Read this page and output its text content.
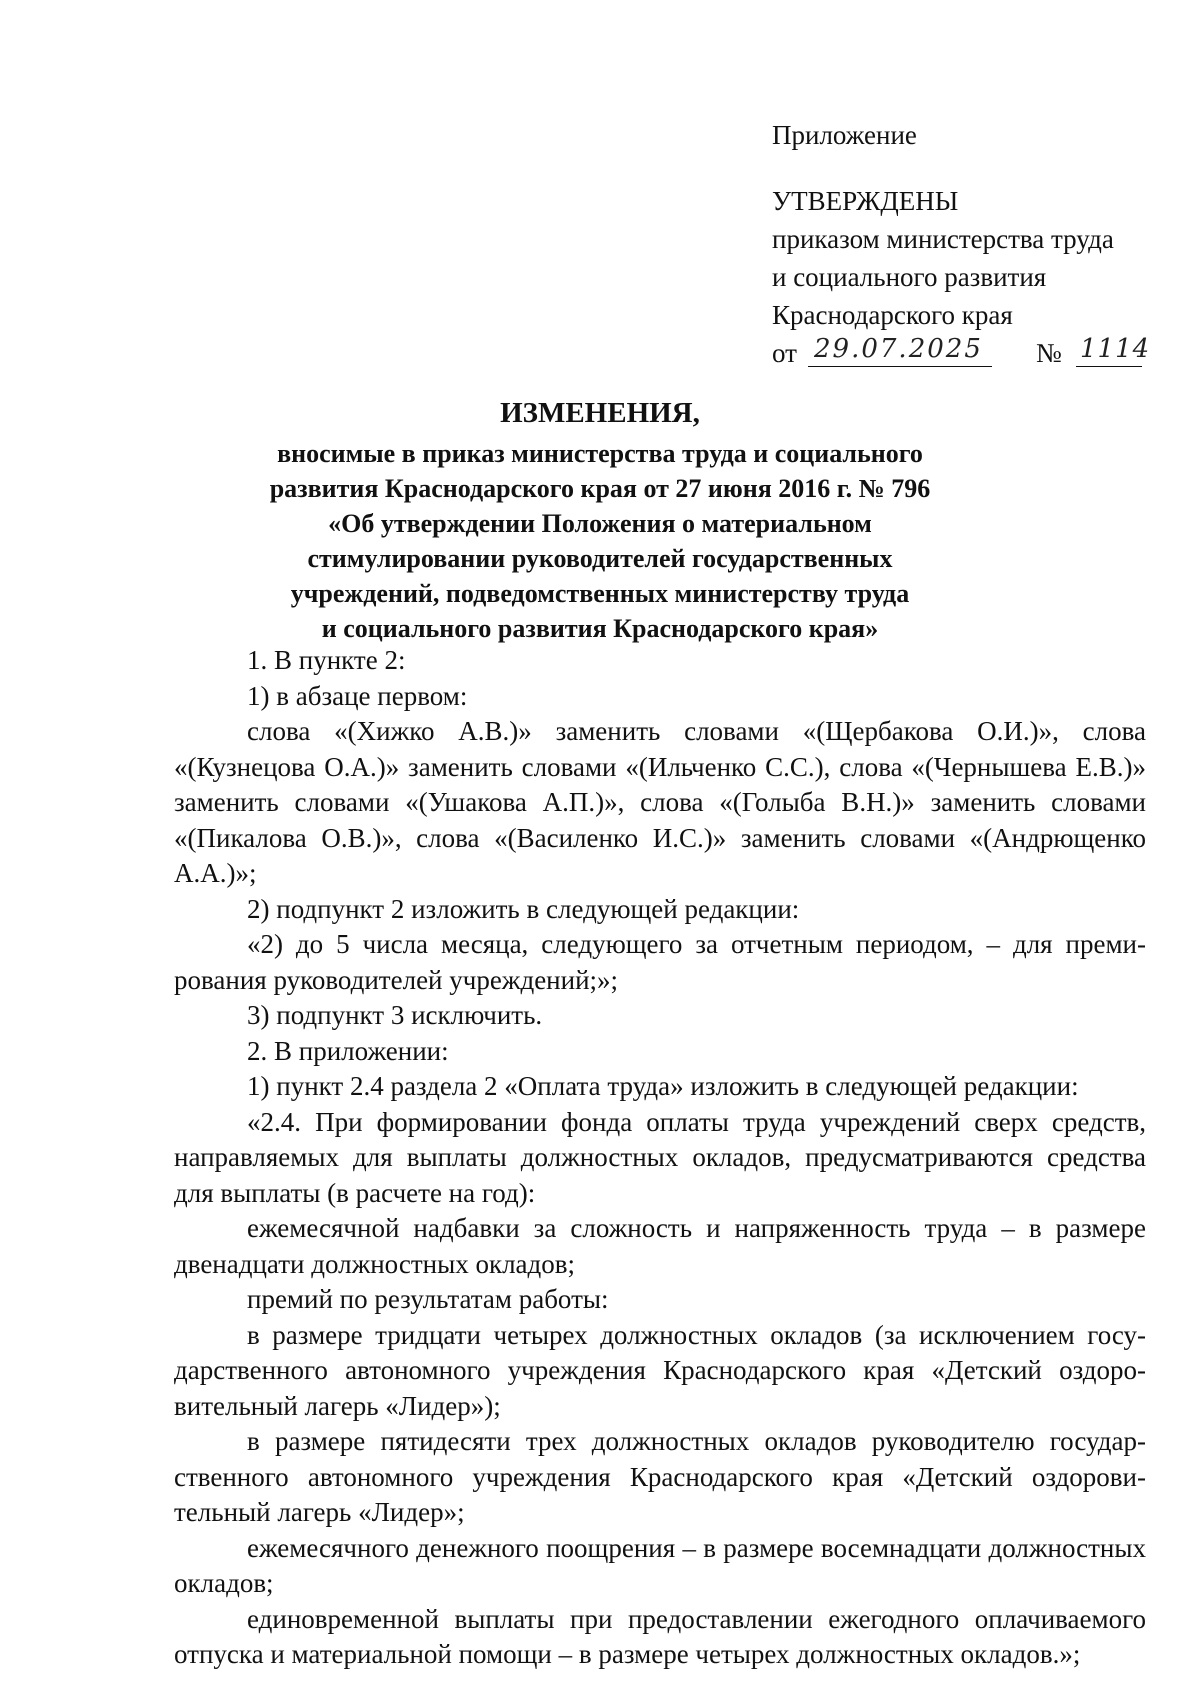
Приложение
УТВЕРЖДЕНЫ
приказом министерства труда
и социального развития
Краснодарского края
от 29.07.2025	№ 1114
ИЗМЕНЕНИЯ,
вносимые в приказ министерства труда и социального
развития Краснодарского края от 27 июня 2016 г. № 796
«Об утверждении Положения о материальном
стимулировании руководителей государственных
учреждений, подведомственных министерству труда
и социального развития Краснодарского края»

1. В пункте 2:

1) в абзаце первом:

слова «(Хижко А.В.)» заменить словами «(Щербакова О.И.)», слова «(Кузнецова О.А.)» заменить словами «(Ильченко С.С.), слова «(Чернышева Е.В.)» заменить словами «(Ушакова А.П.)», слова «(Голыба В.Н.)» заменить словами «(Пикалова О.В.)», слова «(Василенко И.С.)» заменить словами «(Андрющенко А.А.)»;

2) подпункт 2 изложить в следующей редакции:

«2) до 5 числа месяца, следующего за отчетным периодом, – для премирования руководителей учреждений;»;

3) подпункт 3 исключить.

2. В приложении:

1) пункт 2.4 раздела 2 «Оплата труда» изложить в следующей редакции:

«2.4. При формировании фонда оплаты труда учреждений сверх средств, направляемых для выплаты должностных окладов, предусматриваются средства для выплаты (в расчете на год):

ежемесячной надбавки за сложность и напряженность труда – в размере двенадцати должностных окладов;

премий по результатам работы:

в размере тридцати четырех должностных окладов (за исключением государственного автономного учреждения Краснодарского края «Детский оздоровительный лагерь «Лидер»);

в размере пятидесяти трех должностных окладов руководителю государственного автономного учреждения Краснодарского края «Детский оздоровительный лагерь «Лидер»;

ежемесячного денежного поощрения – в размере восемнадцати должностных окладов;

единовременной выплаты при предоставлении ежегодного оплачиваемого отпуска и материальной помощи – в размере четырех должностных окладов.»;
